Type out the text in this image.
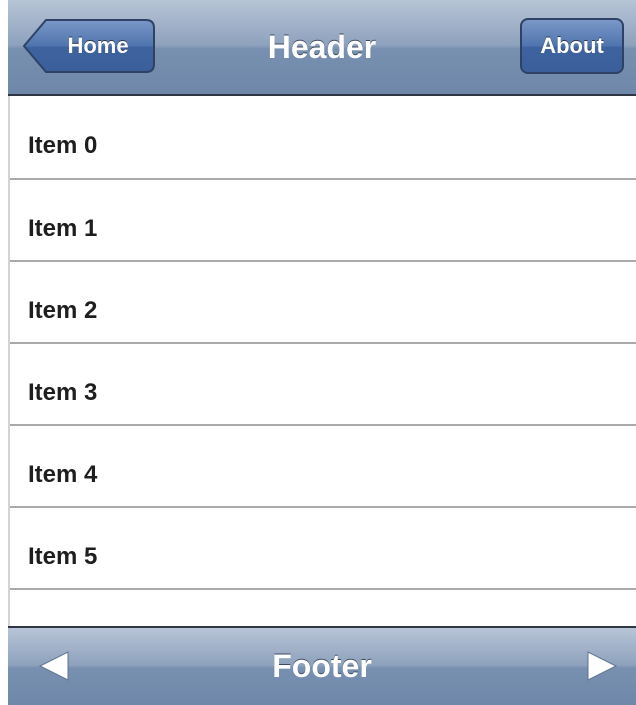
Header
Home	About
Item 0
Item 1
Item 2
Item 3
Item 4
Item 5
Footer
